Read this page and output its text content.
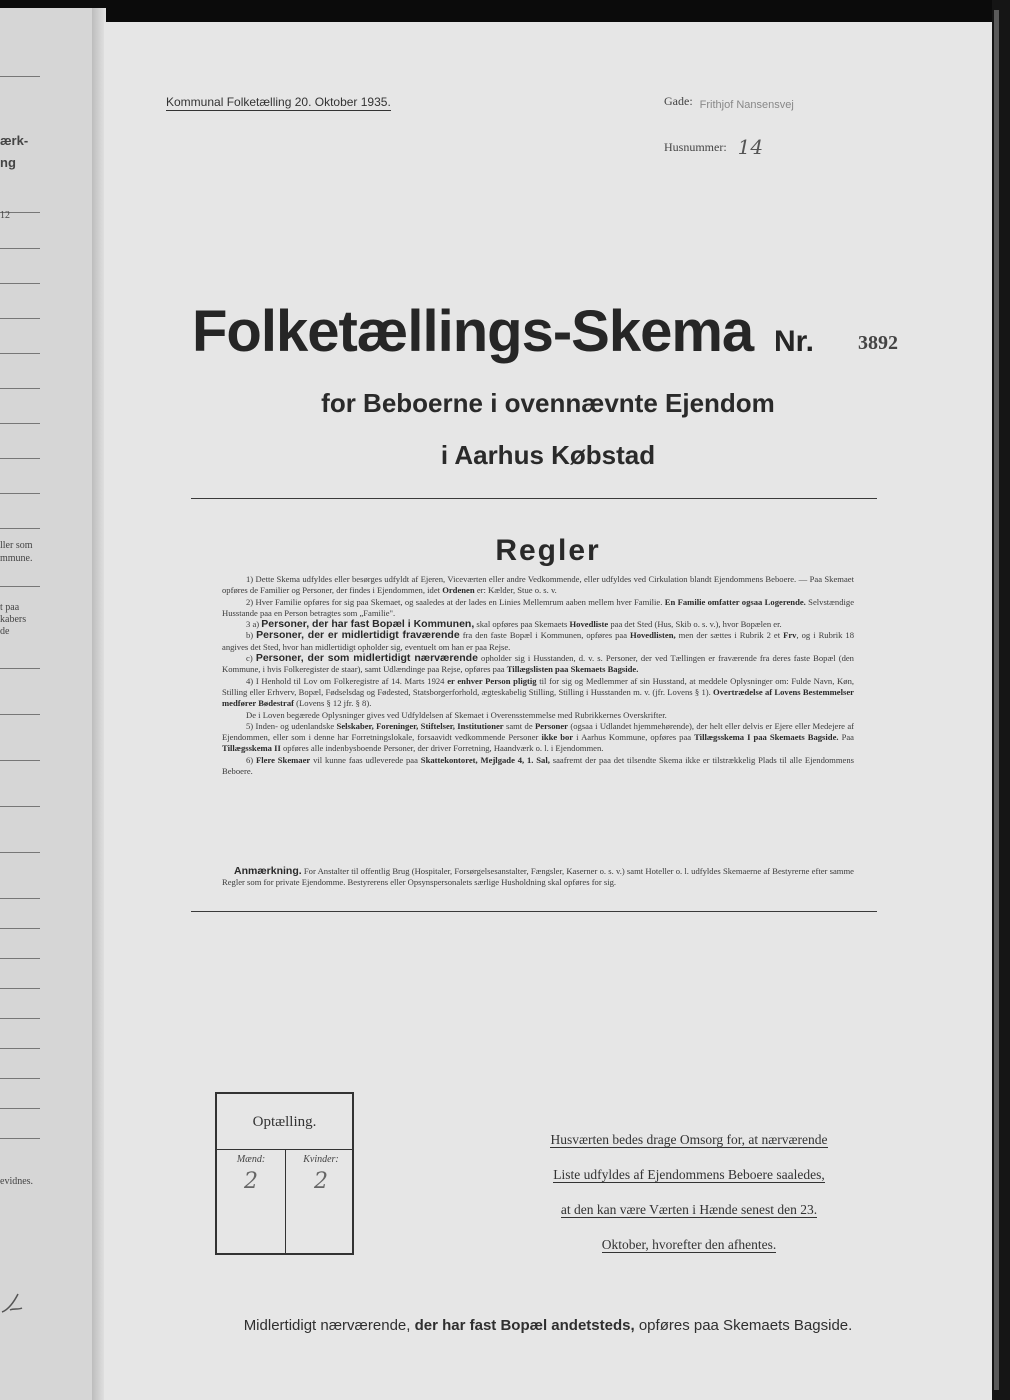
ærk-
ng
12
ller som
mmune.
t paa
kabers
de
evidnes.
Kommunal Folketælling 20. Oktober 1935.	Gade: Frithjof Nansensvej
Husnummer: 14
Folketællings-Skema Nr. 3892
for Beboerne i ovennævnte Ejendom
i Aarhus Købstad
Regler

1) Dette Skema udfyldes eller besørges udfyldt af Ejeren, Viceværten eller andre Vedkommende, eller udfyldes ved Cirkulation blandt Ejendommens Beboere. — Paa Skemaet opføres de Familier og Personer, der findes i Ejendommen, idet Ordenen er: Kælder, Stue o. s. v.

2) Hver Familie opføres for sig paa Skemaet, og saaledes at der lades en Linies Mellemrum aaben mellem hver Familie. En Familie omfatter ogsaa Logerende. Selvstændige Husstande paa en Person betragtes som „Familie".

3 a) Personer, der har fast Bopæl i Kommunen, skal opføres paa Skemaets Hovedliste paa det Sted (Hus, Skib o. s. v.), hvor Bopælen er.

b) Personer, der er midlertidigt fraværende fra den faste Bopæl i Kommunen, opføres paa Hovedlisten, men der sættes i Rubrik 2 et Frv, og i Rubrik 18 angives det Sted, hvor han midlertidigt opholder sig, eventuelt om han er paa Rejse.

c) Personer, der som midlertidigt nærværende opholder sig i Husstanden, d. v. s. Personer, der ved Tællingen er fraværende fra deres faste Bopæl (den Kommune, i hvis Folkeregister de staar), samt Udlændinge paa Rejse, opføres paa Tillægslisten paa Skemaets Bagside.

4) I Henhold til Lov om Folkeregistre af 14. Marts 1924 er enhver Person pligtig til for sig og Medlemmer af sin Husstand, at meddele Oplysninger om: Fulde Navn, Køn, Stilling eller Erhverv, Bopæl, Fødselsdag og Fødested, Statsborgerforhold, ægteskabelig Stilling, Stilling i Husstanden m. v. (jfr. Lovens § 1). Overtrædelse af Lovens Bestemmelser medfører Bødestraf (Lovens § 12 jfr. § 8).

De i Loven begærede Oplysninger gives ved Udfyldelsen af Skemaet i Overensstemmelse med Rubrikkernes Overskrifter.

5) Inden- og udenlandske Selskaber, Foreninger, Stiftelser, Institutioner samt de Personer (ogsaa i Udlandet hjemmehørende), der helt eller delvis er Ejere eller Medejere af Ejendommen, eller som i denne har Forretningslokale, forsaavidt vedkommende Personer ikke bor i Aarhus Kommune, opføres paa Tillægsskema I paa Skemaets Bagside. Paa Tillægsskema II opføres alle indenbysboende Personer, der driver Forretning, Haandværk o. l. i Ejendommen.

6) Flere Skemaer vil kunne faas udleverede paa Skattekontoret, Mejlgade 4, 1. Sal, saafremt der paa det tilsendte Skema ikke er tilstrækkelig Plads til alle Ejendommens Beboere.

Anmærkning. For Anstalter til offentlig Brug (Hospitaler, Forsørgelsesanstalter, Fængsler, Kaserner o. s. v.) samt Hoteller o. l. udfyldes Skemaerne af Bestyrerne efter samme Regler som for private Ejendomme. Bestyrerens eller Opsynspersonalets særlige Husholdning skal opføres for sig.

Optælling.
Mænd:
2
Kvinder:
2
Husværten bedes drage Omsorg for, at nærværende
Liste udfyldes af Ejendommens Beboere saaledes,
at den kan være Værten i Hænde senest den 23.
Oktober, hvorefter den afhentes.
Midlertidigt nærværende, der har fast Bopæl andetsteds, opføres paa Skemaets Bagside.
